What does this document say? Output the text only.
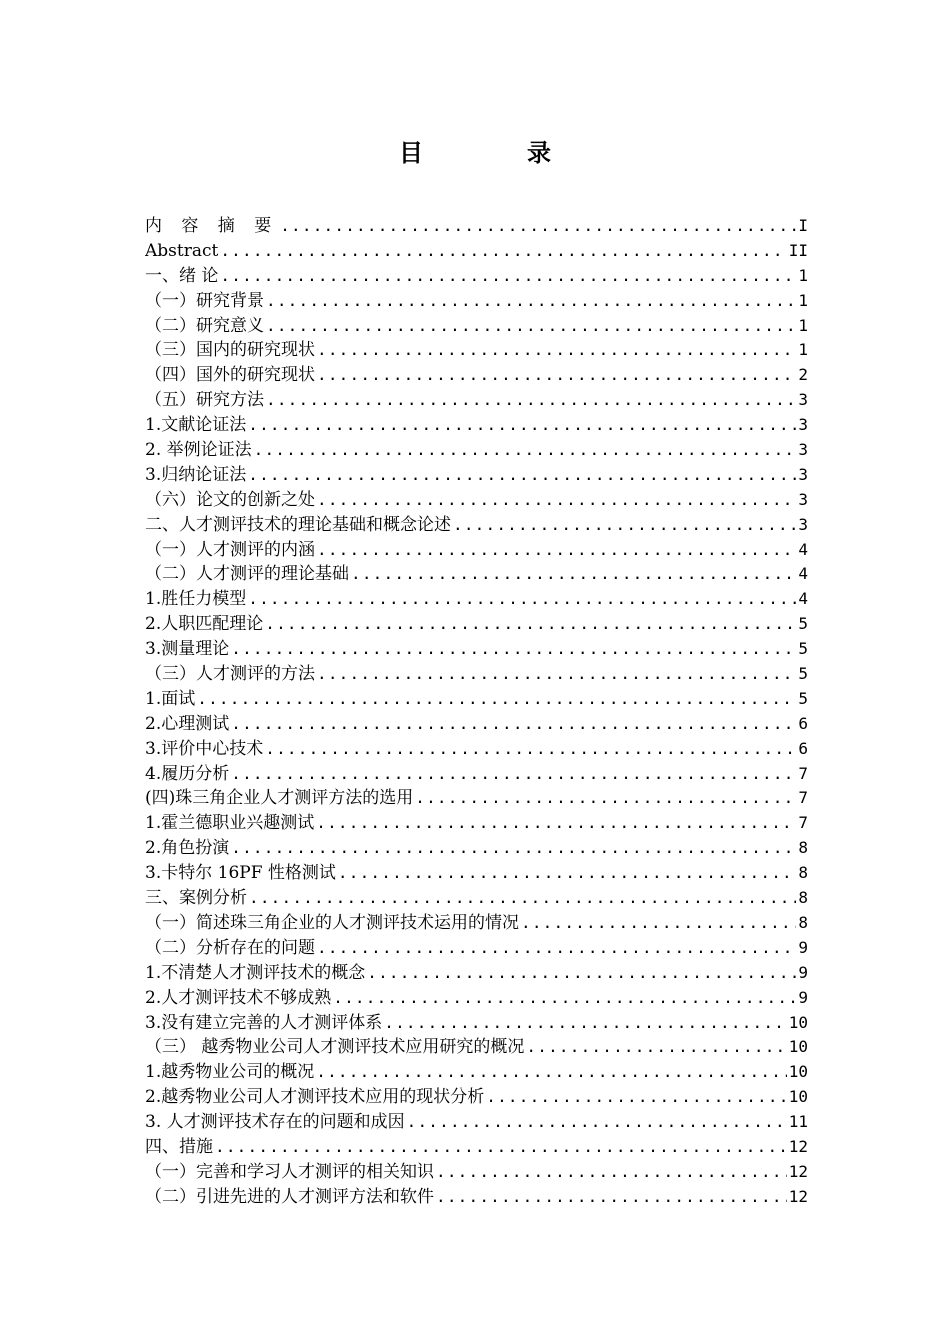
目　录
内 容 摘 要 .....	I
Abstract .....	II
一、绪 论 .....	1
（一）研究背景 .....	1
（二）研究意义 .....	1
（三）国内的研究现状 .....	1
（四）国外的研究现状 .....	2
（五）研究方法 .....	3
1.文献论证法 .....	3
2. 举例论证法 .....	3
3.归纳论证法 .....	3
（六）论文的创新之处 .....	3
二、人才测评技术的理论基础和概念论述 .....	3
（一）人才测评的内涵 .....	4
（二）人才测评的理论基础 .....	4
1.胜任力模型 .....	4
2.人职匹配理论 .....	5
3.测量理论 .....	5
（三）人才测评的方法 .....	5
1.面试 .....	5
2.心理测试 .....	6
3.评价中心技术 .....	6
4.履历分析 .....	7
(四)珠三角企业人才测评方法的选用 .....	7
1.霍兰德职业兴趣测试 .....	7
2.角色扮演 .....	8
3.卡特尔 16PF 性格测试 .....	8
三、案例分析 .....	8
（一）简述珠三角企业的人才测评技术运用的情况 .....	8
（二）分析存在的问题 .....	9
1.不清楚人才测评技术的概念 .....	9
2.人才测评技术不够成熟 .....	9
3.没有建立完善的人才测评体系 .....	10
（三） 越秀物业公司人才测评技术应用研究的概况 .....	10
1.越秀物业公司的概况 .....	10
2.越秀物业公司人才测评技术应用的现状分析 .....	10
3. 人才测评技术存在的问题和成因 .....	11
四、措施 .....	12
（一）完善和学习人才测评的相关知识 .....	12
（二）引进先进的人才测评方法和软件 .....	12
